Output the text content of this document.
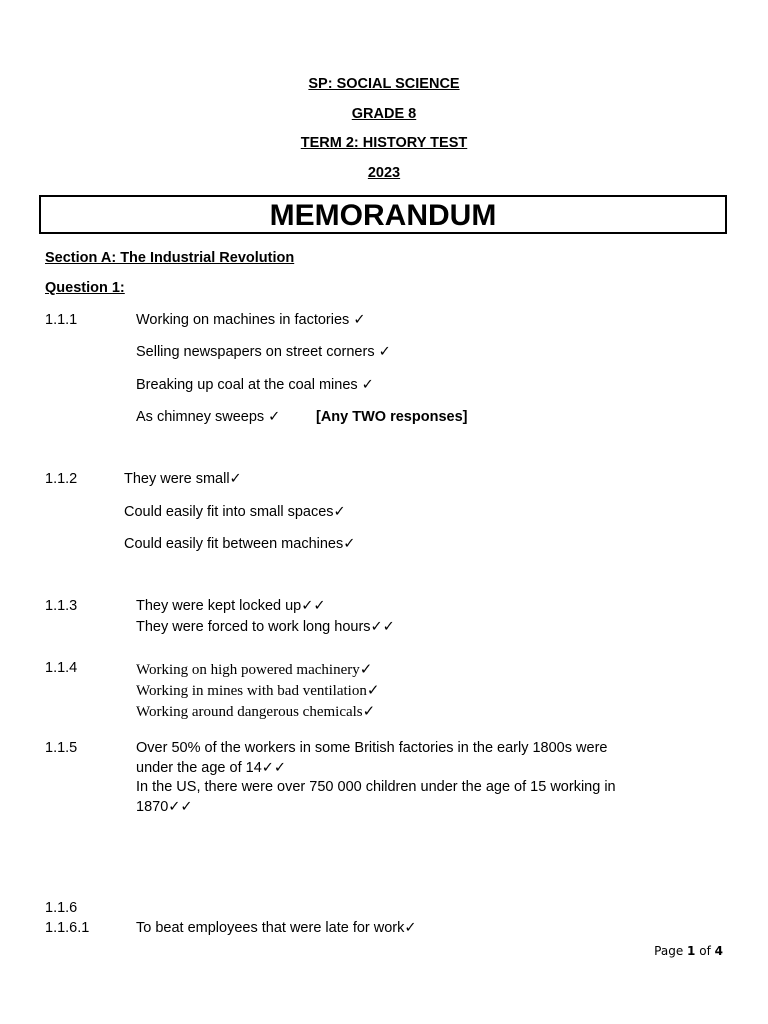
SP: SOCIAL SCIENCE
GRADE 8
TERM 2: HISTORY TEST
2023
MEMORANDUM
Section A: The Industrial Revolution
Question 1:
1.1.1	Working on machines in factories ✓
Selling newspapers on street corners ✓
Breaking up coal at the coal mines ✓
As chimney sweeps ✓ [Any TWO responses]
1.1.2	They were small✓
Could easily fit into small spaces✓
Could easily fit between machines✓
1.1.3	They were kept locked up✓✓
They were forced to work long hours✓✓
1.1.4	Working on high powered machinery✓
Working in mines with bad ventilation✓
Working around dangerous chemicals✓
1.1.5	Over 50% of the workers in some British factories in the early 1800s were
under the age of 14✓✓
In the US, there were over 750 000 children under the age of 15 working in
1870✓✓
1.1.6
1.1.6.1	To beat employees that were late for work✓
Page 1 of 4
